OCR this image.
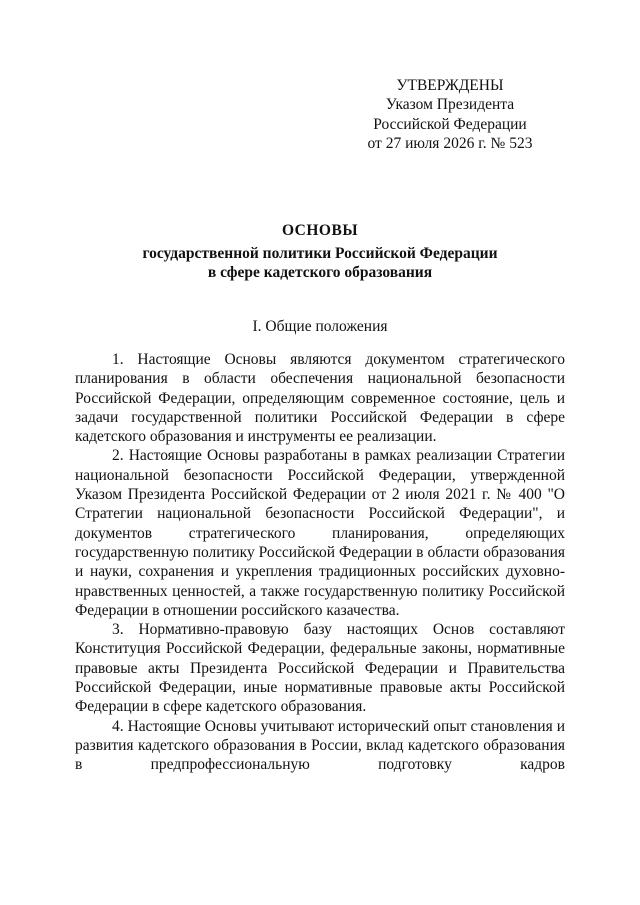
УТВЕРЖДЕНЫ
Указом Президента
Российской Федерации
от 27 июля 2026 г. № 523
ОСНОВЫ
государственной политики Российской Федерации
в сфере кадетского образования
I. Общие положения

1. Настоящие Основы являются документом стратегического планирования в области обеспечения национальной безопасности Российской Федерации, определяющим современное состояние, цель и задачи государственной политики Российской Федерации в сфере кадетского образования и инструменты ее реализации.

2. Настоящие Основы разработаны в рамках реализации Стратегии национальной безопасности Российской Федерации, утвержденной Указом Президента Российской Федерации от 2 июля 2021 г. № 400 "О Стратегии национальной безопасности Российской Федерации", и документов стратегического планирования, определяющих государственную политику Российской Федерации в области образования и науки, сохранения и укрепления традиционных российских духовно-нравственных ценностей, а также государственную политику Российской Федерации в отношении российского казачества.

3. Нормативно-правовую базу настоящих Основ составляют Конституция Российской Федерации, федеральные законы, нормативные правовые акты Президента Российской Федерации и Правительства Российской Федерации, иные нормативные правовые акты Российской Федерации в сфере кадетского образования.

4. Настоящие Основы учитывают исторический опыт становления и развития кадетского образования в России, вклад кадетского образования в предпрофессиональную подготовку кадров
